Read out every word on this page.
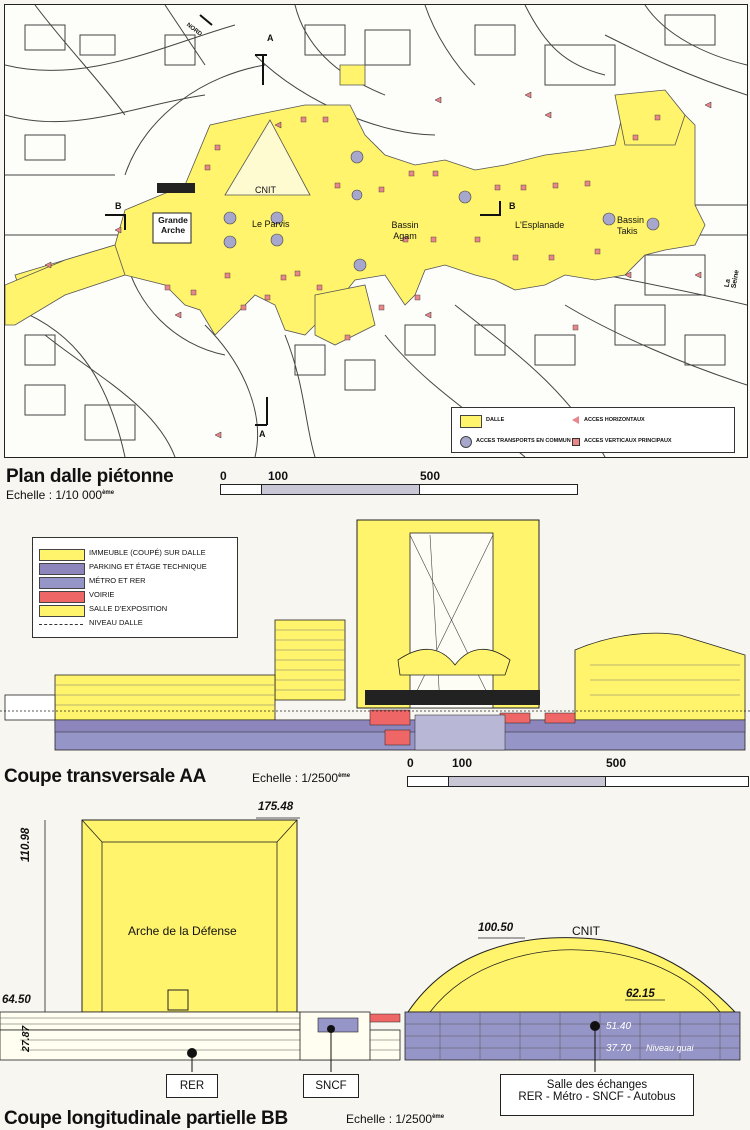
NORD
A
A
B	B
Grande Arche
CNIT
Le Parvis	Bassin Agam
L'Esplanade	Bassin Takis
La Seine
DALLE
ACCES TRANSPORTS EN COMMUN
ACCES HORIZONTAUX
ACCES VERTICAUX PRINCIPAUX
Plan dalle piétonne
Echelle : 1/10 000ème
0	100	500
IMMEUBLE (COUPÉ) SUR DALLE
PARKING ET ÉTAGE TECHNIQUE
MÉTRO ET RER
VOIRIE
SALLE D'EXPOSITION
NIVEAU DALLE
Coupe transversale AA	Echelle : 1/2500ème
0	100	500
175.48
110.98
64.50
27.87
100.50
62.15
51.40
37.70 Niveau quai
Arche de la Défense	CNIT
RER	SNCF	Salle des échanges
RER - Métro - SNCF - Autobus
Coupe longitudinale partielle BB	Echelle : 1/2500ème
